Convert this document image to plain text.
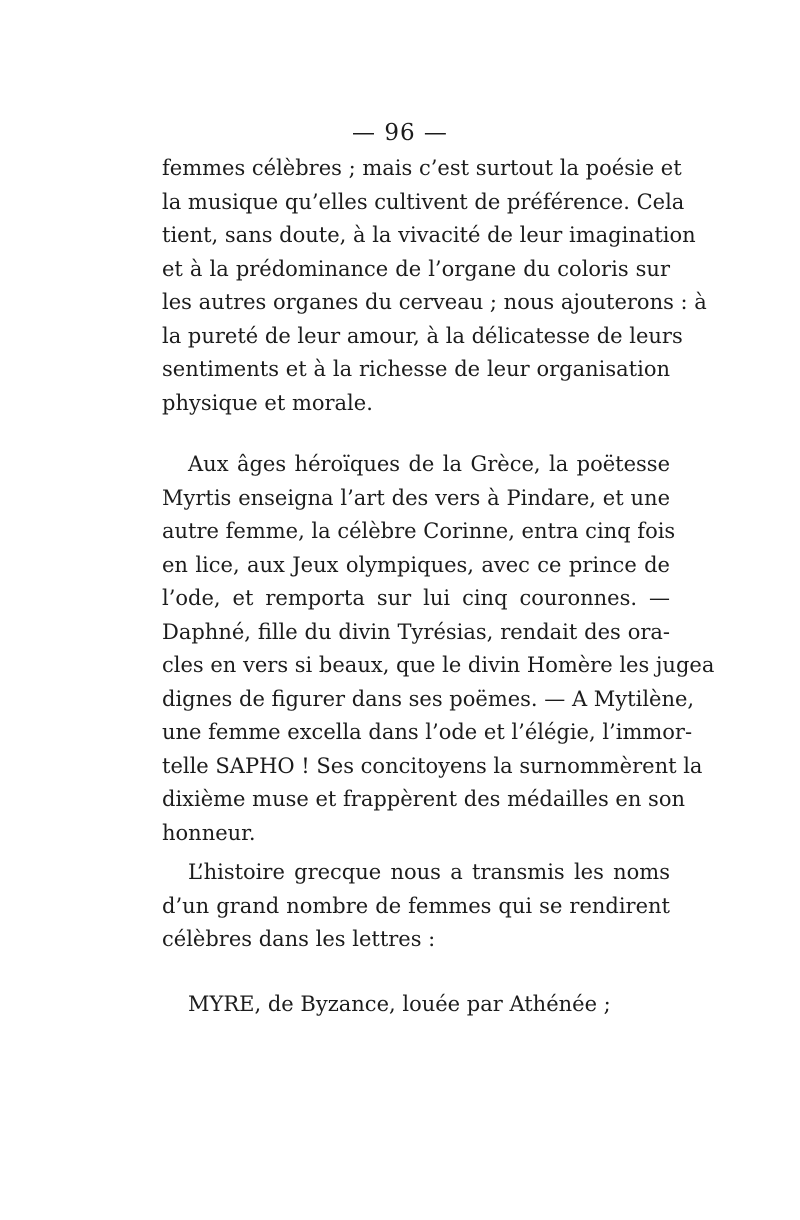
— 96 —
femmes célèbres ; mais c’est surtout la poésie et
la musique qu’elles cultivent de préférence. Cela
tient, sans doute, à la vivacité de leur imagination
et à la prédominance de l’organe du coloris sur
les autres organes du cerveau ; nous ajouterons : à
la pureté de leur amour, à la délicatesse de leurs
sentiments et à la richesse de leur organisation
physique et morale.
Aux âges héroïques de la Grèce, la poëtesse
Myrtis enseigna l’art des vers à Pindare, et une
autre femme, la célèbre Corinne, entra cinq fois
en lice, aux Jeux olympiques, avec ce prince de
l’ode, et remporta sur lui cinq couronnes. —
Daphné, fille du divin Tyrésias, rendait des ora-
cles en vers si beaux, que le divin Homère les jugea
dignes de figurer dans ses poëmes. — A Mytilène,
une femme excella dans l’ode et l’élégie, l’immor-
telle SAPHO ! Ses concitoyens la surnommèrent la
dixième muse et frappèrent des médailles en son
honneur.
L’histoire grecque nous a transmis les noms
d’un grand nombre de femmes qui se rendirent
célèbres dans les lettres :
MYRE, de Byzance, louée par Athénée ;
